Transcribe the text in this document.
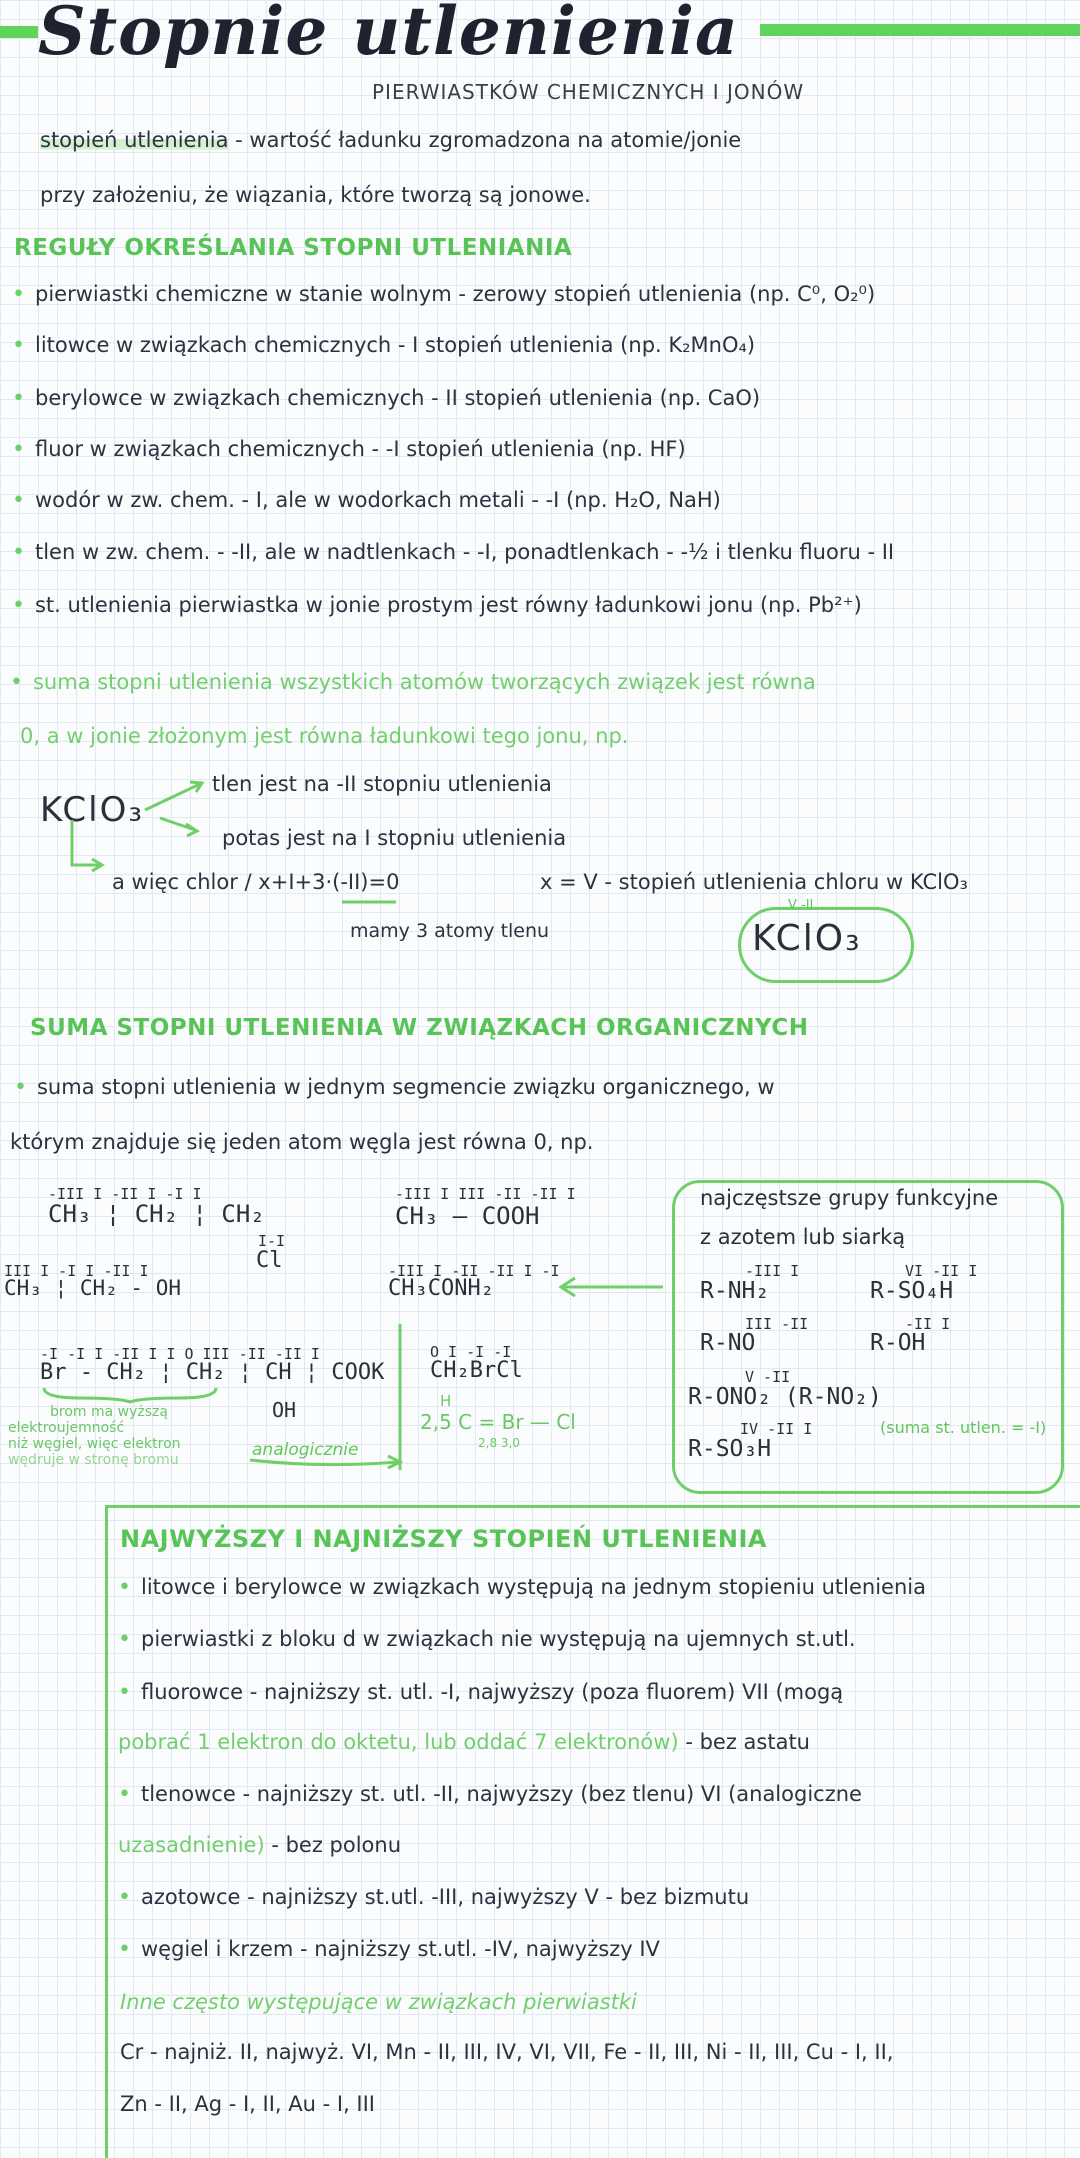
Stopnie utlenienia
PIERWIASTKÓW CHEMICZNYCH I JONÓW
stopień utlenienia - wartość ładunku zgromadzona na atomie/jonie
przy założeniu, że wiązania, które tworzą są jonowe.
REGUŁY OKREŚLANIA STOPNI UTLENIANIA
• pierwiastki chemiczne w stanie wolnym - zerowy stopień utlenienia (np. C⁰, O₂⁰)
• litowce w związkach chemicznych - I stopień utlenienia (np. K₂MnO₄)
• berylowce w związkach chemicznych - II stopień utlenienia (np. CaO)
• fluor w związkach chemicznych - -I stopień utlenienia (np. HF)
• wodór w zw. chem. - I, ale w wodorkach metali - -I (np. H₂O, NaH)
• tlen w zw. chem. - -II, ale w nadtlenkach - -I, ponadtlenkach - -½ i tlenku fluoru - II
• st. utlenienia pierwiastka w jonie prostym jest równy ładunkowi jonu (np. Pb²⁺)
• suma stopni utlenienia wszystkich atomów tworzących związek jest równa
0, a w jonie złożonym jest równa ładunkowi tego jonu, np.
KClO₃
tlen jest na -II stopniu utlenienia
potas jest na I stopniu utlenienia
a więc chlor / x+I+3·(-II)=0	x = V - stopień utlenienia chloru w KClO₃
mamy 3 atomy tlenu
V -II
KClO₃
SUMA STOPNI UTLENIENIA W ZWIĄZKACH ORGANICZNYCH
• suma stopni utlenienia w jednym segmencie związku organicznego, w
którym znajduje się jeden atom węgla jest równa 0, np.
-III I -II I -I I
CH₃ ¦ CH₂ ¦ CH₂
I-I
Cl
-III I III -II -II I
CH₃ — COOH
III I -I I -II I
CH₃ ¦ CH₂ - OH
-III I -II -II I -I
CH₃CONH₂
-I -I I -II I I O III -II -II I
Br - CH₂ ¦ CH₂ ¦ CH ¦ COOK
OH
brom ma wyższą
elektroujemność
niż węgiel, więc elektron
wędruje w stronę bromu	analogicznie
O I -I -I
CH₂BrCl
H
2,5 C = Br — Cl
2,8 3,0
najczęstsze grupy funkcyjne
z azotem lub siarką
-III I
R-NH₂
VI -II I
R-SO₄H
III -II
R-NO
-II I
R-OH
V -II
R-ONO₂ (R-NO₂)
IV -II I
R-SO₃H
(suma st. utlen. = -I)
NAJWYŻSZY I NAJNIŻSZY STOPIEŃ UTLENIENIA
• litowce i berylowce w związkach występują na jednym stopieniu utlenienia
• pierwiastki z bloku d w związkach nie występują na ujemnych st.utl.
• fluorowce - najniższy st. utl. -I, najwyższy (poza fluorem) VII (mogą
pobrać 1 elektron do oktetu, lub oddać 7 elektronów) - bez astatu
• tlenowce - najniższy st. utl. -II, najwyższy (bez tlenu) VI (analogiczne
uzasadnienie) - bez polonu
• azotowce - najniższy st.utl. -III, najwyższy V - bez bizmutu
• węgiel i krzem - najniższy st.utl. -IV, najwyższy IV
Inne często występujące w związkach pierwiastki
Cr - najniż. II, najwyż. VI, Mn - II, III, IV, VI, VII, Fe - II, III, Ni - II, III, Cu - I, II,
Zn - II, Ag - I, II, Au - I, III
